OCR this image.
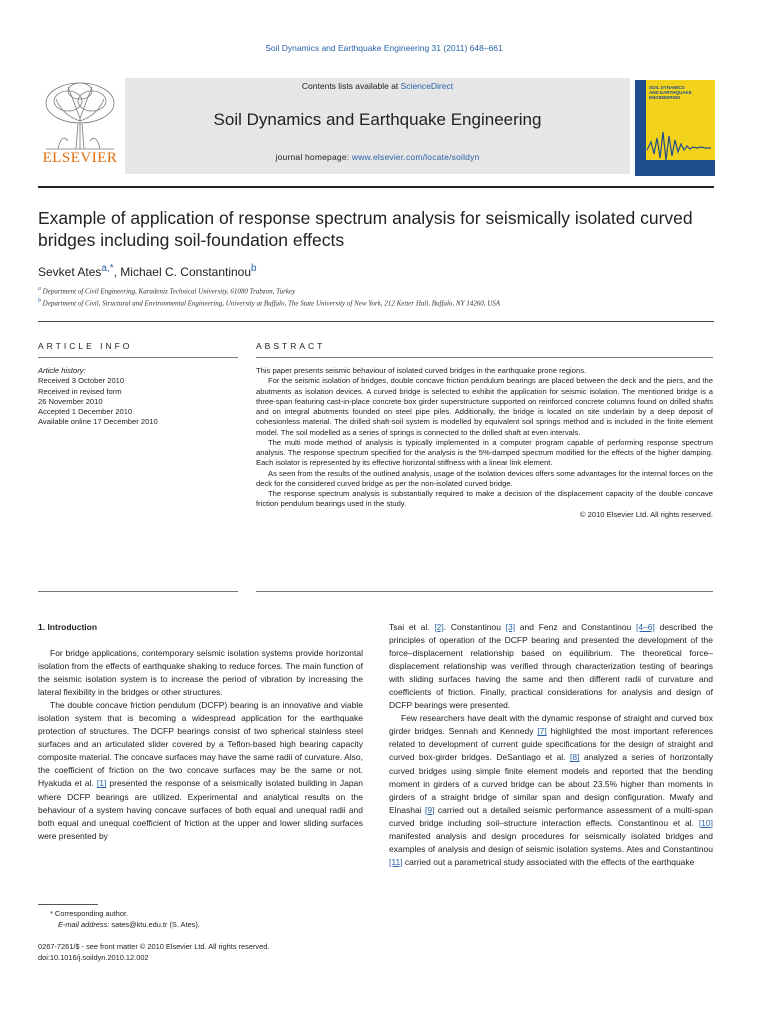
Soil Dynamics and Earthquake Engineering 31 (2011) 648–661
ELSEVIER
Contents lists available at ScienceDirect
Soil Dynamics and Earthquake Engineering
journal homepage: www.elsevier.com/locate/soildyn
SOIL DYNAMICS AND EARTHQUAKE ENGINEERING
Example of application of response spectrum analysis for seismically isolated curved bridges including soil-foundation effects
Sevket Ates$^{a,*}$, Michael C. Constantinou$^b$
$^a$ Department of Civil Engineering, Karadeniz Technical University, 61080 Trabzon, Turkey
$^b$ Department of Civil, Structural and Environmental Engineering, University at Buffalo, The State University of New York, 212 Ketter Hall, Buffalo, NY 14260, USA
ARTICLE INFO
Article history:
Received 3 October 2010
Received in revised form
26 November 2010
Accepted 1 December 2010
Available online 17 December 2010
ABSTRACT

This paper presents seismic behaviour of isolated curved bridges in the earthquake prone regions.

For the seismic isolation of bridges, double concave friction pendulum bearings are placed between the deck and the piers, and the abutments as isolation devices. A curved bridge is selected to exhibit the application for seismic isolation. The mentioned bridge is a three-span featuring cast-in-place concrete box girder superstructure supported on reinforced concrete columns found on drilled shafts and on integral abutments founded on steel pipe piles. Additionally, the bridge is located on site underlain by a deep deposit of cohesionless material. The drilled shaft-soil system is modelled by equivalent soil springs method and is included in the finite element model. The soil modelled as a series of springs is connected to the drilled shaft at even intervals.

The multi mode method of analysis is typically implemented in a computer program capable of performing response spectrum analysis. The response spectrum specified for the analysis is the 5%-damped spectrum modified for the effects of the higher damping. Each isolator is represented by its effective horizontal stiffness with a linear link element.

As seen from the results of the outlined analysis, usage of the isolation devices offers some advantages for the internal forces on the deck for the considered curved bridge as per the non-isolated curved bridge.

The response spectrum analysis is substantially required to make a decision of the displacement capacity of the double concave friction pendulum bearings used in the study.

© 2010 Elsevier Ltd. All rights reserved.

1. Introduction

For bridge applications, contemporary seismic isolation systems provide horizontal isolation from the effects of earthquake shaking to reduce forces. The main function of the seismic isolation system is to increase the period of vibration by increasing the lateral flexibility in the bridges or other structures.

The double concave friction pendulum (DCFP) bearing is an innovative and viable isolation system that is becoming a widespread application for the earthquake protection of structures. The DCFP bearings consist of two spherical stainless steel surfaces and an articulated slider covered by a Teflon-based high bearing capacity composite material. The concave surfaces may have the same radii of curvature. Also, the coefficient of friction on the two concave surfaces may be the same or not. Hyakuda et al. [1] presented the response of a seismically isolated building in Japan where DCFP bearings are utilized. Experimental and analytical results on the behaviour of a system having concave surfaces of both equal and unequal radii and both equal and unequal coefficient of friction at the upper and lower sliding surfaces were presented by

Tsai et al. [2]. Constantinou [3] and Fenz and Constantinou [4–6] described the principles of operation of the DCFP bearing and presented the development of the force–displacement relationship based on equilibrium. The theoretical force–displacement relationship was verified through characterization testing of bearings with sliding surfaces having the same and then different radii of curvature and coefficients of friction. Finally, practical considerations for analysis and design of DCFP bearings were presented.

Few researchers have dealt with the dynamic response of straight and curved box girder bridges. Sennah and Kennedy [7] highlighted the most important references related to development of current guide specifications for the design of straight and curved box-girder bridges. DeSantiago et al. [8] analyzed a series of horizontally curved bridges using simple finite element models and reported that the bending moment in girders of a curved bridge can be about 23.5% higher than moments in girders of a straight bridge of similar span and design configuration. Mwafy and Elnashai [9] carried out a detailed seismic performance assessment of a multi-span curved bridge including soil–structure interaction effects. Constantinou et al. [10] manifested analysis and design procedures for seismically isolated bridges and examples of analysis and design of seismic isolation systems. Ates and Constantinou [11] carried out a parametrical study associated with the effects of the earthquake

* Corresponding author.
E-mail address: sates@ktu.edu.tr (S. Ates).
0267-7261/$ - see front matter © 2010 Elsevier Ltd. All rights reserved.
doi:10.1016/j.soildyn.2010.12.002
